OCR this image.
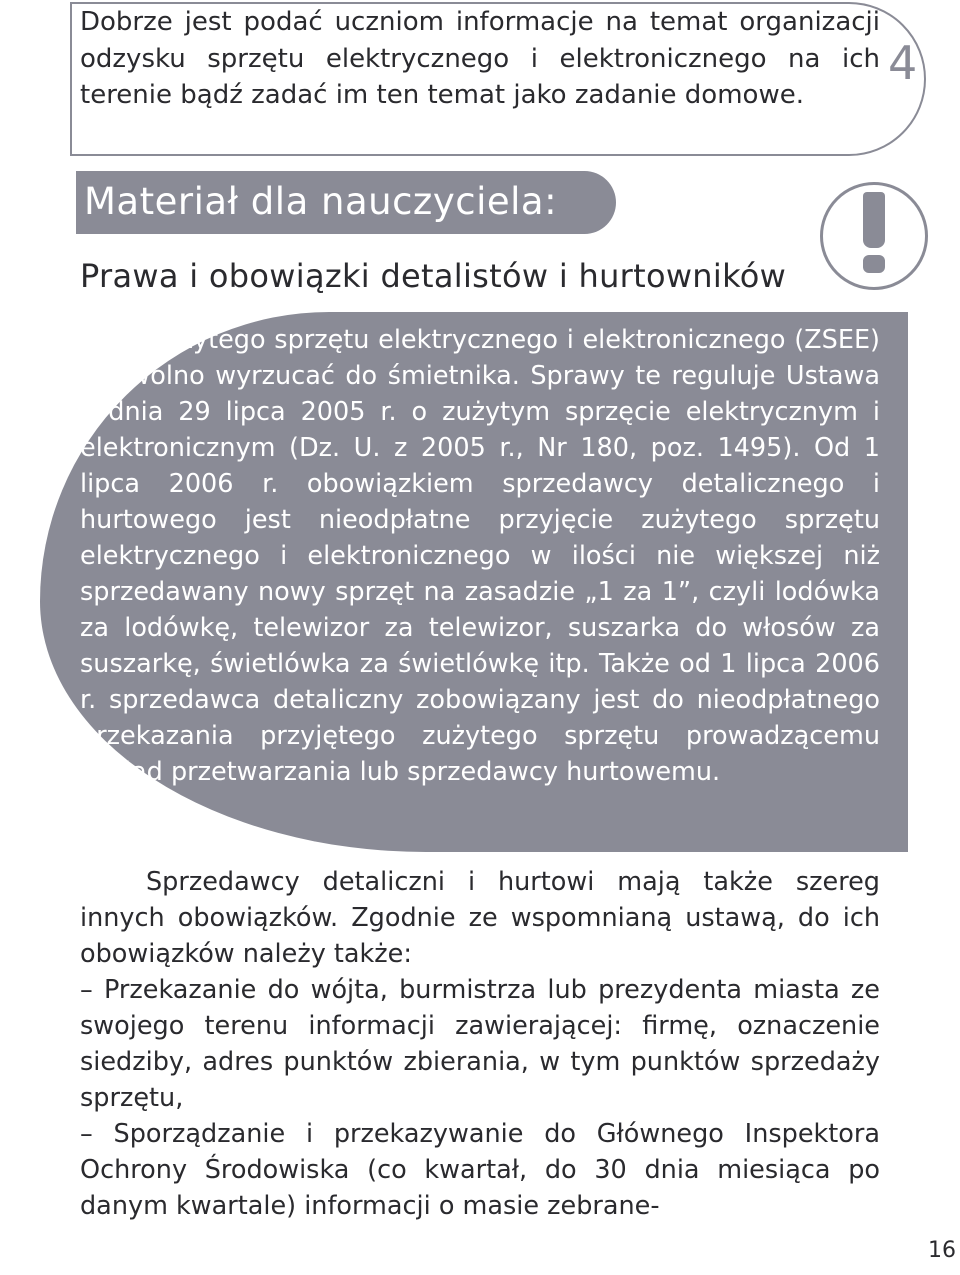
Dobrze jest podać uczniom informacje na temat organizacji odzysku sprzętu elektrycznego i elektronicznego na ich terenie bądź zadać im ten temat jako zadanie domowe.

4
Materiał dla nauczyciela:
Prawa i obowiązki detalistów i hurtowników

Zużytego sprzętu elektrycznego i elektronicznego (ZSEE) nie wolno wyrzucać do śmietnika. Sprawy te reguluje Ustawa z dnia 29 lipca 2005 r. o zużytym sprzęcie elektrycznym i elektronicznym (Dz. U. z 2005 r., Nr 180, poz. 1495). Od 1 lipca 2006 r. obowiązkiem sprzedawcy detalicznego i hurtowego jest nieodpłatne przyjęcie zużytego sprzętu elektrycznego i elektronicznego w ilości nie większej niż sprzedawany nowy sprzęt na zasadzie „1 za 1”, czyli lodówka za lodówkę, telewizor za telewizor, suszarka do włosów za suszarkę, świetlówka za świetlówkę itp. Także od 1 lipca 2006 r. sprzedawca detaliczny zobowiązany jest do nieodpłatnego przekazania przyjętego zużytego sprzętu prowadzącemu zakład przetwarzania lub sprzedawcy hurtowemu.

Sprzedawcy detaliczni i hurtowi mają także szereg innych obowiązków. Zgodnie ze wspomnianą ustawą, do ich obowiązków należy także:
– Przekazanie do wójta, burmistrza lub prezydenta miasta ze swojego terenu informacji zawierającej: firmę, oznaczenie siedziby, adres punktów zbierania, w tym punktów sprzedaży sprzętu,
– Sporządzanie i przekazywanie do Głównego Inspektora Ochrony Środowiska (co kwartał, do 30 dnia miesiąca po danym kwartale) informacji o masie zebrane-
16
